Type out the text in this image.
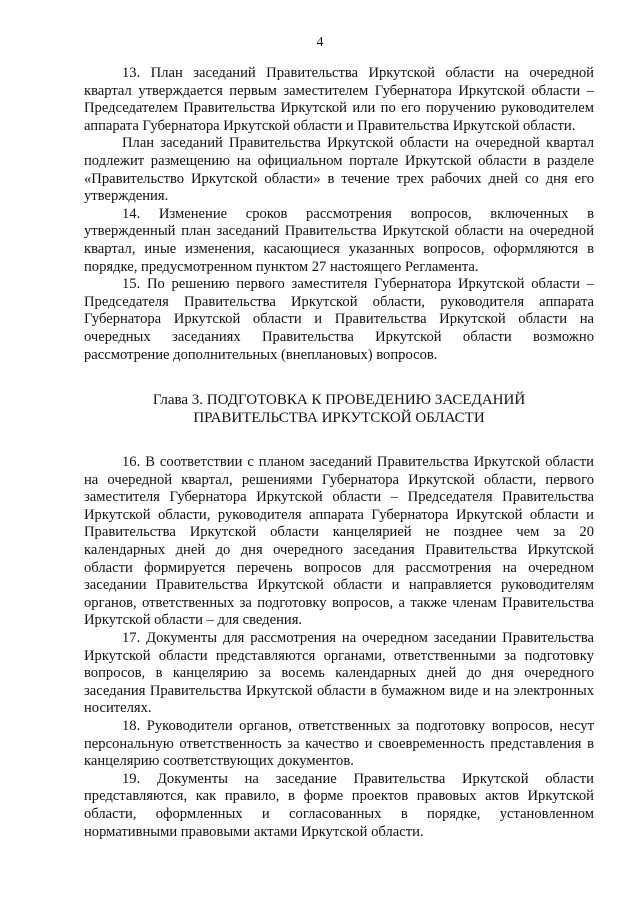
4

13. План заседаний Правительства Иркутской области на очередной квартал утверждается первым заместителем Губернатора Иркутской области – Председателем Правительства Иркутской или по его поручению руководителем аппарата Губернатора Иркутской области и Правительства Иркутской области.

План заседаний Правительства Иркутской области на очередной квартал подлежит размещению на официальном портале Иркутской области в разделе «Правительство Иркутской области» в течение трех рабочих дней со дня его утверждения.

14. Изменение сроков рассмотрения вопросов, включенных в утвержденный план заседаний Правительства Иркутской области на очередной квартал, иные изменения, касающиеся указанных вопросов, оформляются в порядке, предусмотренном пунктом 27 настоящего Регламента.

15. По решению первого заместителя Губернатора Иркутской области – Председателя Правительства Иркутской области, руководителя аппарата Губернатора Иркутской области и Правительства Иркутской области на очередных заседаниях Правительства Иркутской области возможно рассмотрение дополнительных (внеплановых) вопросов.

Глава 3. ПОДГОТОВКА К ПРОВЕДЕНИЮ ЗАСЕДАНИЙ
ПРАВИТЕЛЬСТВА ИРКУТСКОЙ ОБЛАСТИ

16. В соответствии с планом заседаний Правительства Иркутской области на очередной квартал, решениями Губернатора Иркутской области, первого заместителя Губернатора Иркутской области – Председателя Правительства Иркутской области, руководителя аппарата Губернатора Иркутской области и Правительства Иркутской области канцелярией не позднее чем за 20 календарных дней до дня очередного заседания Правительства Иркутской области формируется перечень вопросов для рассмотрения на очередном заседании Правительства Иркутской области и направляется руководителям органов, ответственных за подготовку вопросов, а также членам Правительства Иркутской области – для сведения.

17. Документы для рассмотрения на очередном заседании Правительства Иркутской области представляются органами, ответственными за подготовку вопросов, в канцелярию за восемь календарных дней до дня очередного заседания Правительства Иркутской области в бумажном виде и на электронных носителях.

18. Руководители органов, ответственных за подготовку вопросов, несут персональную ответственность за качество и своевременность представления в канцелярию соответствующих документов.

19. Документы на заседание Правительства Иркутской области представляются, как правило, в форме проектов правовых актов Иркутской области, оформленных и согласованных в порядке, установленном нормативными правовыми актами Иркутской области.
